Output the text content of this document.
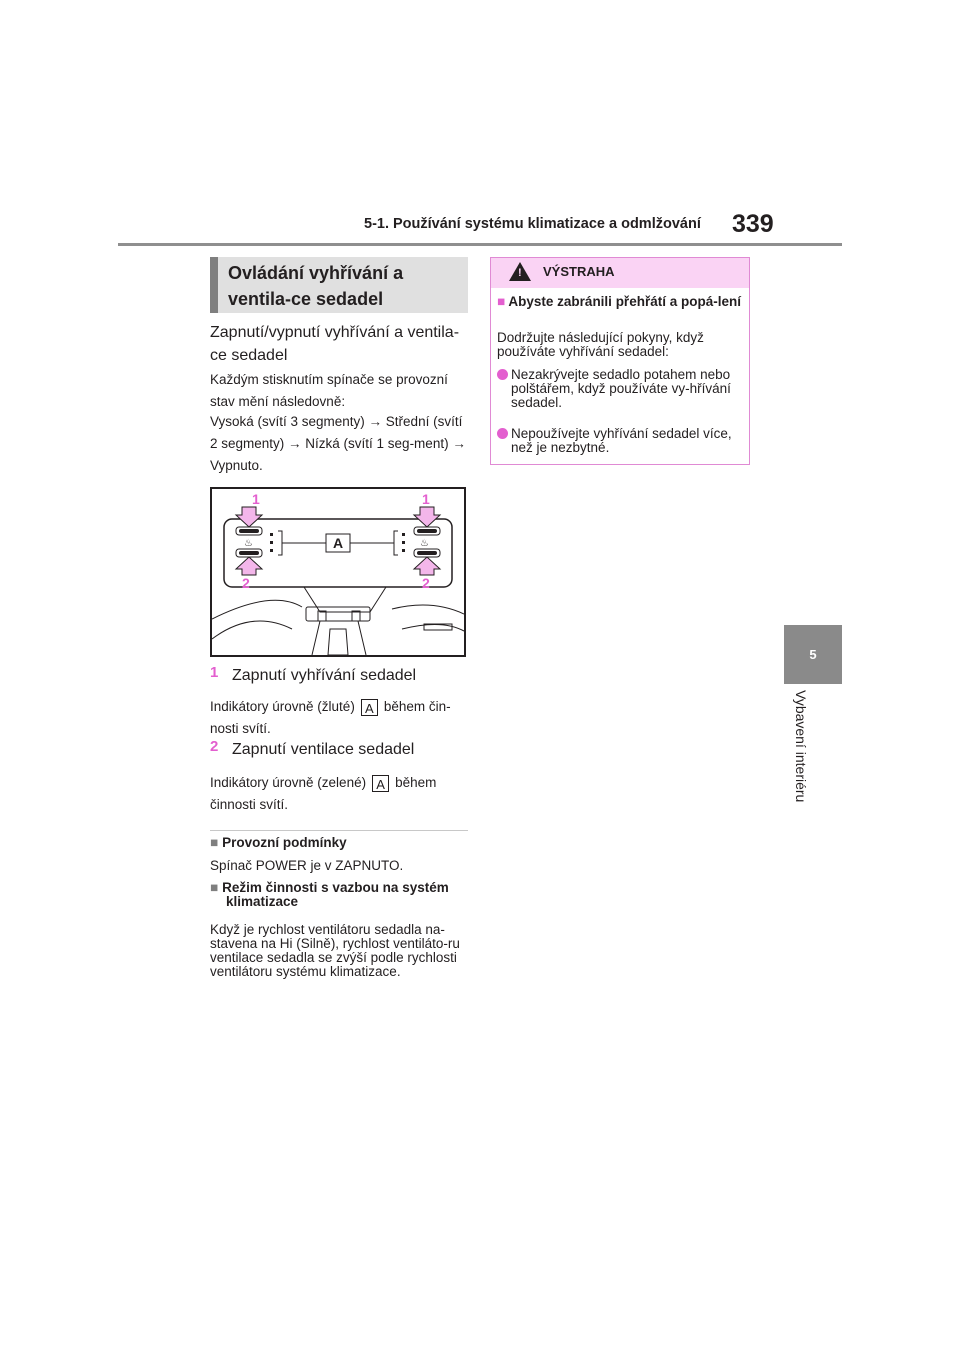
5-1. Používání systému klimatizace a odmlžování 339
5
Vybavení interiéru
Ovládání vyhřívání a ventila-ce sedadel
Zapnutí/vypnutí vyhřívání a ventila-ce sedadel
Každým stisknutím spínače se provozní stav mění následovně:
Vysoká (svítí 3 segmenty) → Střední (svítí 2 segmenty) → Nízká (svítí 1 seg-ment) → Vypnuto.
♨	♨
A
1	1
2	2
1 Zapnutí vyhřívání sedadel
Indikátory úrovně (žluté) A během čin-nosti svítí.
2 Zapnutí ventilace sedadel
Indikátory úrovně (zelené) A během činnosti svítí.
■ Provozní podmínky
Spínač POWER je v ZAPNUTO.
■ Režim činnosti s vazbou na systém klimatizace
Když je rychlost ventilátoru sedadla na-stavena na Hi (Silně), rychlost ventiláto-ru ventilace sedadla se zvýší podle rychlosti ventilátoru systému klimatizace.
! VÝSTRAHA
■ Abyste zabránili přehřátí a popá-lení
Dodržujte následující pokyny, když používáte vyhřívání sedadel:
Nezakrývejte sedadlo potahem nebo polštářem, když používáte vy-hřívání sedadel.
Nepoužívejte vyhřívání sedadel více, než je nezbytné.
